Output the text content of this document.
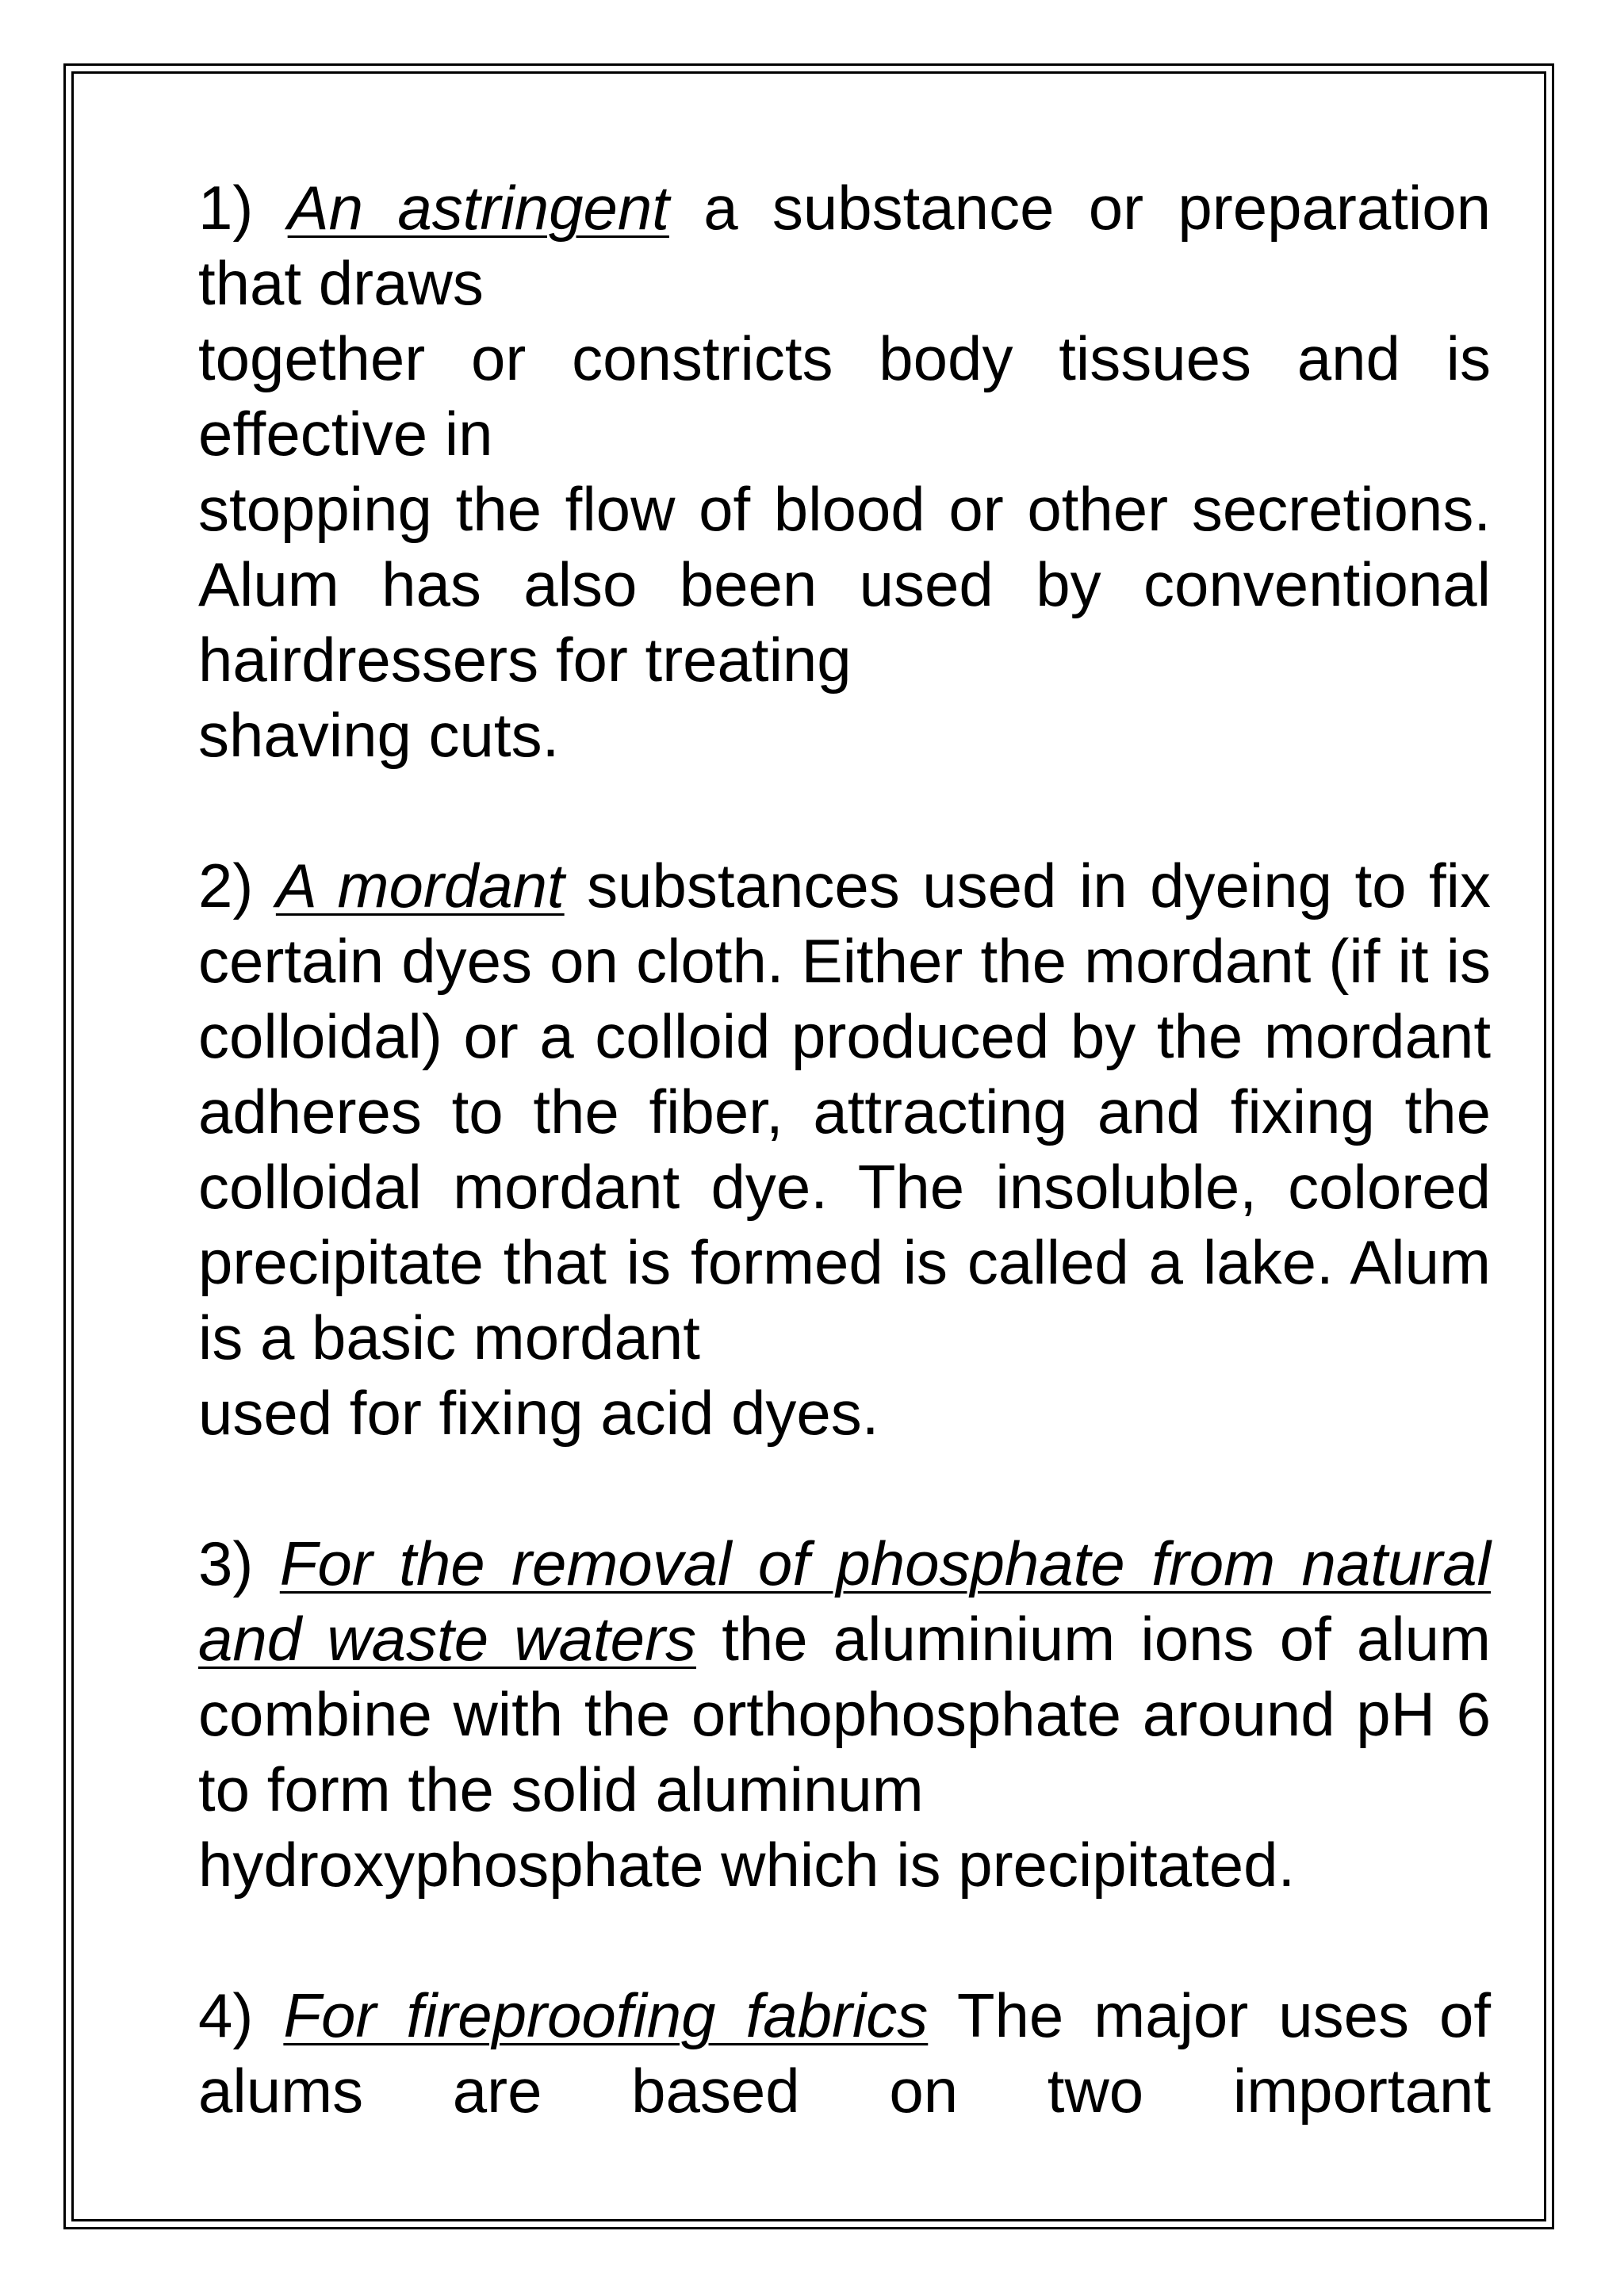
1) An astringent a substance or preparation
that draws
together or constricts body tissues and is
effective in
stopping the flow of blood or other secretions. Alum has also been used by conventional hairdressers for treating
shaving cuts.
2) A mordant substances used in dyeing to fix certain dyes on cloth. Either the mordant (if it is colloidal) or a colloid produced by the mordant adheres to the fiber, attracting and fixing the colloidal mordant dye. The insoluble, colored precipitate that is formed is called a lake. Alum is a basic mordant
used for fixing acid dyes.
3) For the removal of phosphate from natural and waste waters the aluminium ions of alum combine with the orthophosphate around pH 6 to form the solid aluminum
hydroxyphosphate which is precipitated.
4) For fireproofing fabrics The major uses of alums are based on two important
